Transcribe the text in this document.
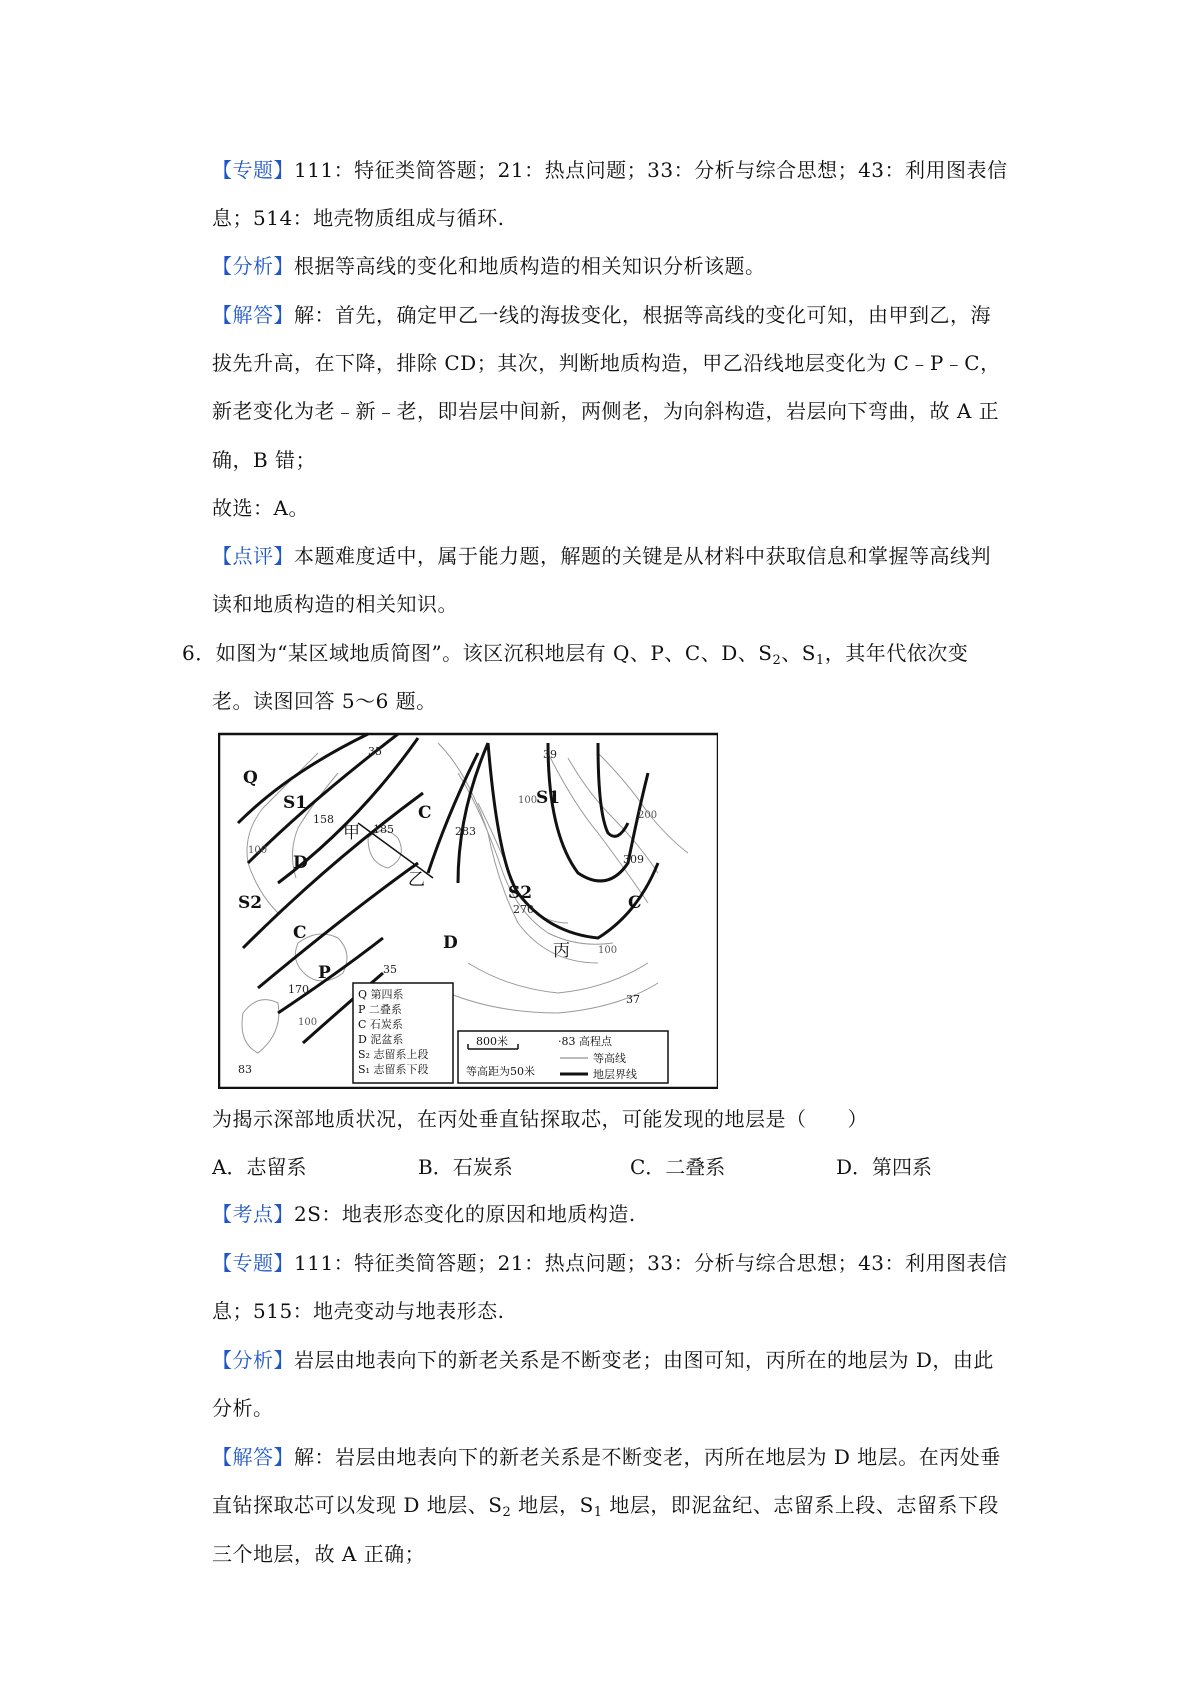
【专题】111：特征类简答题；21：热点问题；33：分析与综合思想；43：利用图表信
息；514：地壳物质组成与循环.
【分析】根据等高线的变化和地质构造的相关知识分析该题。
【解答】解：首先，确定甲乙一线的海拔变化，根据等高线的变化可知，由甲到乙，海
拔先升高，在下降，排除 CD；其次，判断地质构造，甲乙沿线地层变化为 C﹣P﹣C，
新老变化为老﹣新﹣老，即岩层中间新，两侧老，为向斜构造，岩层向下弯曲，故 A 正
确，B 错；
故选：A。
【点评】本题难度适中，属于能力题，解题的关键是从材料中获取信息和掌握等高线判
读和地质构造的相关知识。
6．如图为“某区域地质简图”。该区沉积地层有 Q、P、C、D、$S_2$、$S_1$，其年代依次变
老。读图回答 5～6 题。
Q
S1
D
S2
C
P
C
S1
S2
D
C
甲
乙
丙
35
158
185	283
39
309
270
35
170
37
83
100
100
100
200
100
Q 第四系
P 二叠系
C 石炭系
D 泥盆系
S₂ 志留系上段
S₁ 志留系下段
800米
等高距为50米
·83 高程点
等高线
地层界线
为揭示深部地质状况，在丙处垂直钻探取芯，可能发现的地层是（　　）
A．志留系	B．石炭系	C．二叠系	D．第四系
【考点】2S：地表形态变化的原因和地质构造.
【专题】111：特征类简答题；21：热点问题；33：分析与综合思想；43：利用图表信
息；515：地壳变动与地表形态.
【分析】岩层由地表向下的新老关系是不断变老；由图可知，丙所在的地层为 D，由此
分析。
【解答】解：岩层由地表向下的新老关系是不断变老，丙所在地层为 D 地层。在丙处垂
直钻探取芯可以发现 D 地层、$S_2$ 地层，$S_1$ 地层，即泥盆纪、志留系上段、志留系下段
三个地层，故 A 正确；
